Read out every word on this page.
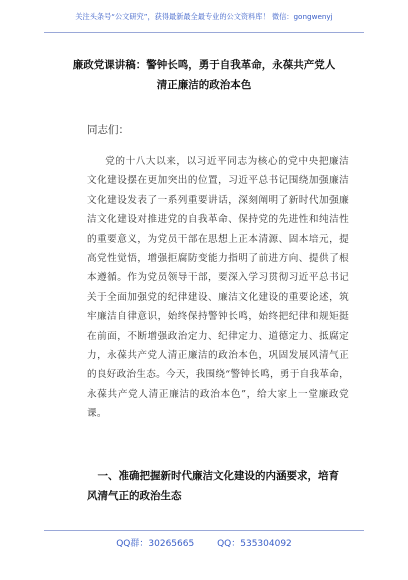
关注头条号“公文研究”，获得最新最全最专业的公文资料库！ 微信：gongwenyj
廉政党课讲稿：警钟长鸣，勇于自我革命，永葆共产党人
清正廉洁的政治本色
同志们：
党的十八大以来，以习近平同志为核心的党中央把廉洁文化建设摆在更加突出的位置，习近平总书记围绕加强廉洁文化建设发表了一系列重要讲话，深刻阐明了新时代加强廉洁文化建设对推进党的自我革命、保持党的先进性和纯洁性的重要意义，为党员干部在思想上正本清源、固本培元，提高党性觉悟，增强拒腐防变能力指明了前进方向、提供了根本遵循。作为党员领导干部，要深入学习贯彻习近平总书记关于全面加强党的纪律建设、廉洁文化建设的重要论述，筑牢廉洁自律意识，始终保持警钟长鸣，始终把纪律和规矩挺在前面，不断增强政治定力、纪律定力、道德定力、抵腐定力，永葆共产党人清正廉洁的政治本色，巩固发展风清气正的良好政治生态。今天，我围绕“警钟长鸣，勇于自我革命，永葆共产党人清正廉洁的政治本色”，给大家上一堂廉政党课。
一、准确把握新时代廉洁文化建设的内涵要求，培育风清气正的政治生态
QQ群：30265665	QQ：535304092
